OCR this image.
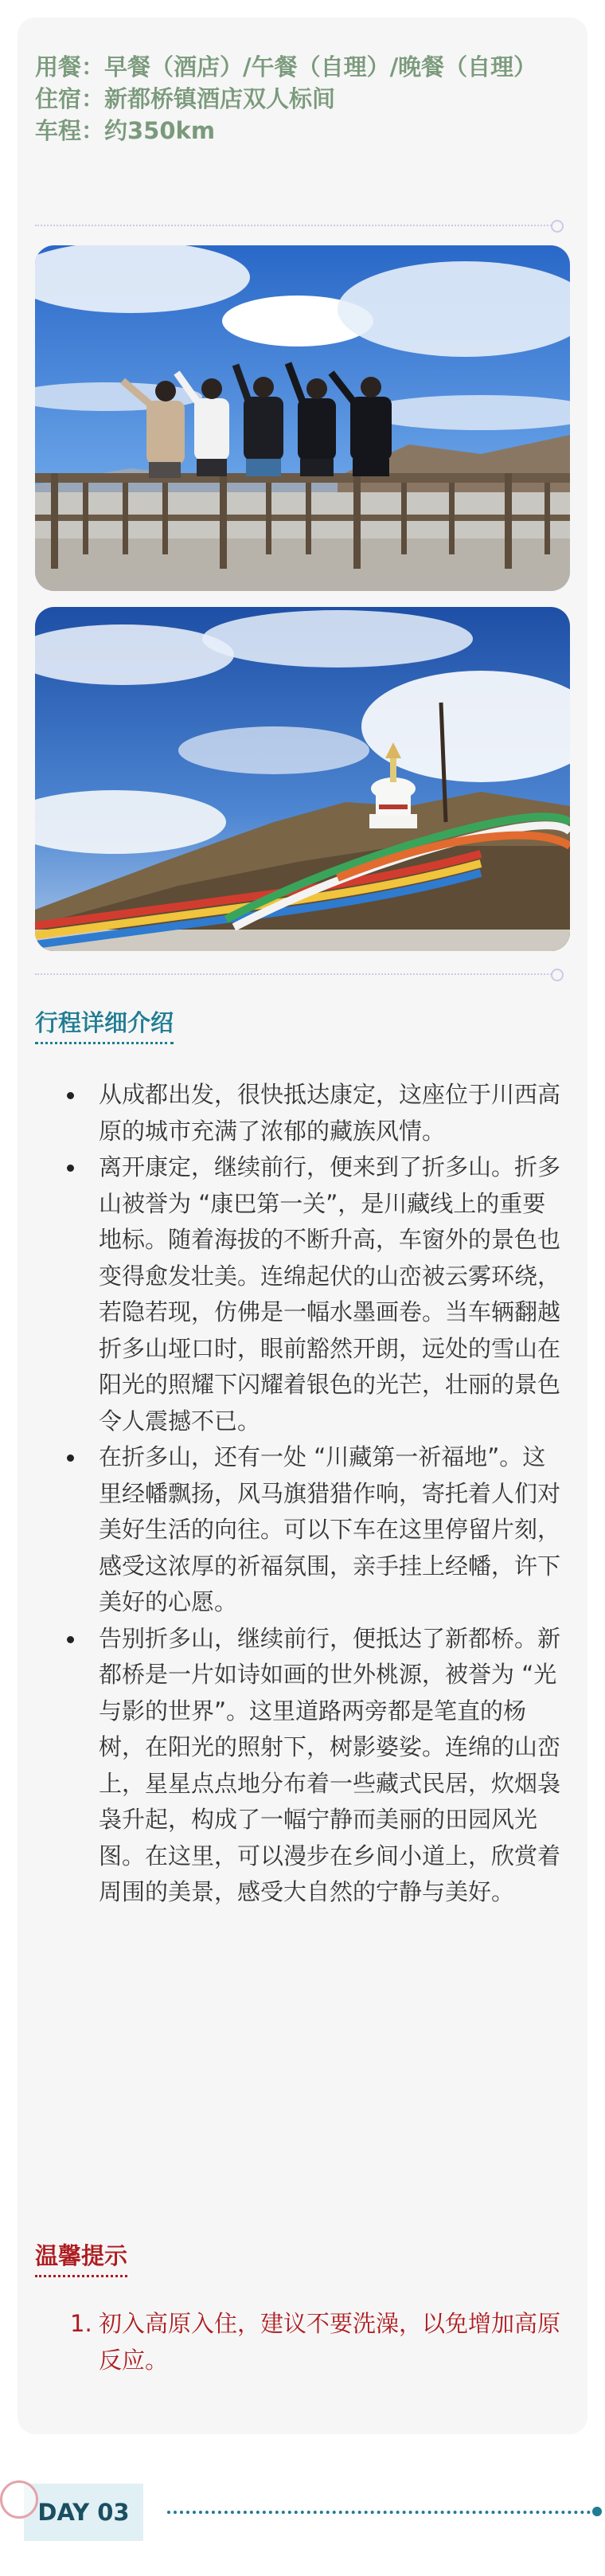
用餐：早餐（酒店）/午餐（自理）/晚餐（自理）

住宿：新都桥镇酒店双人标间

车程：约350km

行程详细介绍
从成都出发，很快抵达康定，这座位于川西高原的城市充满了浓郁的藏族风情。
离开康定，继续前行，便来到了折多山。折多山被誉为 “康巴第一关”，是川藏线上的重要地标。随着海拔的不断升高，车窗外的景色也变得愈发壮美。连绵起伏的山峦被云雾环绕，若隐若现，仿佛是一幅水墨画卷。当车辆翻越折多山垭口时，眼前豁然开朗，远处的雪山在阳光的照耀下闪耀着银色的光芒，壮丽的景色令人震撼不已。
在折多山，还有一处 “川藏第一祈福地”。这里经幡飘扬，风马旗猎猎作响，寄托着人们对美好生活的向往。可以下车在这里停留片刻，感受这浓厚的祈福氛围，亲手挂上经幡，许下美好的心愿。
告别折多山，继续前行，便抵达了新都桥。新都桥是一片如诗如画的世外桃源，被誉为 “光与影的世界”。这里道路两旁都是笔直的杨树，在阳光的照射下，树影婆娑。连绵的山峦上，星星点点地分布着一些藏式民居，炊烟袅袅升起，构成了一幅宁静而美丽的田园风光图。在这里，可以漫步在乡间小道上，欣赏着周围的美景，感受大自然的宁静与美好。
温馨提示
1. 初入高原入住，建议不要洗澡，以免增加高原反应。
DAY 03
